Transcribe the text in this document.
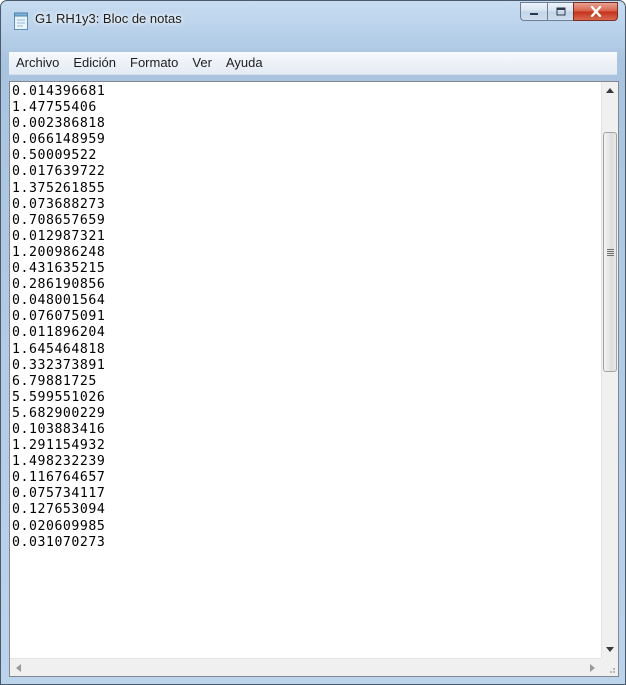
G1 RH1y3: Bloc de notas
Archivo	Edición	Formato	Ver	Ayuda
0.014396681
1.47755406
0.002386818
0.066148959
0.50009522
0.017639722
1.375261855
0.073688273
0.708657659
0.012987321
1.200986248
0.431635215
0.286190856
0.048001564
0.076075091
0.011896204
1.645464818
0.332373891
6.79881725
5.599551026
5.682900229
0.103883416
1.291154932
1.498232239
0.116764657
0.075734117
0.127653094
0.020609985
0.031070273
